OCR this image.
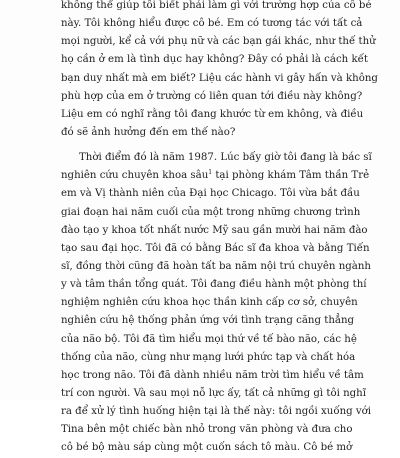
không thể giúp tôi biết phải làm gì với trường hợp của cô bé
này. Tôi không hiểu được cô bé. Em có tương tác với tất cả
mọi người, kể cả với phụ nữ và các bạn gái khác, như thế thử
họ cần ở em là tình dục hay không? Đây có phải là cách kết
bạn duy nhất mà em biết? Liệu các hành vi gây hấn và không
phù hợp của em ở trường có liên quan tới điều này không?
Liệu em có nghĩ rằng tôi đang khước từ em không, và điều
đó sẽ ảnh hưởng đến em thế nào?
Thời điểm đó là năm 1987. Lúc bấy giờ tôi đang là bác sĩ
nghiên cứu chuyên khoa sâu$^1$ tại phòng khám Tâm thần Trẻ
em và Vị thành niên của Đại học Chicago. Tôi vừa bắt đầu
giai đoạn hai năm cuối của một trong những chương trình
đào tạo y khoa tốt nhất nước Mỹ sau gần mười hai năm đào
tạo sau đại học. Tôi đã có bằng Bác sĩ đa khoa và bằng Tiến
sĩ, đồng thời cũng đã hoàn tất ba năm nội trú chuyên ngành
y và tâm thần tổng quát. Tôi đang điều hành một phòng thí
nghiệm nghiên cứu khoa học thần kinh cấp cơ sở, chuyên
nghiên cứu hệ thống phản ứng với tình trạng căng thẳng
của não bộ. Tôi đã tìm hiểu mọi thứ về tế bào não, các hệ
thống của não, cùng như mạng lưới phức tạp và chất hóa
học trong não. Tôi đã dành nhiều năm trời tìm hiểu về tâm
trí con người. Và sau mọi nỗ lực ấy, tất cả những gì tôi nghĩ
ra để xử lý tình huống hiện tại là thế này: tôi ngồi xuống với
Tina bên một chiếc bàn nhỏ trong văn phòng và đưa cho
cô bé bộ màu sáp cùng một cuốn sách tô màu. Cô bé mở
